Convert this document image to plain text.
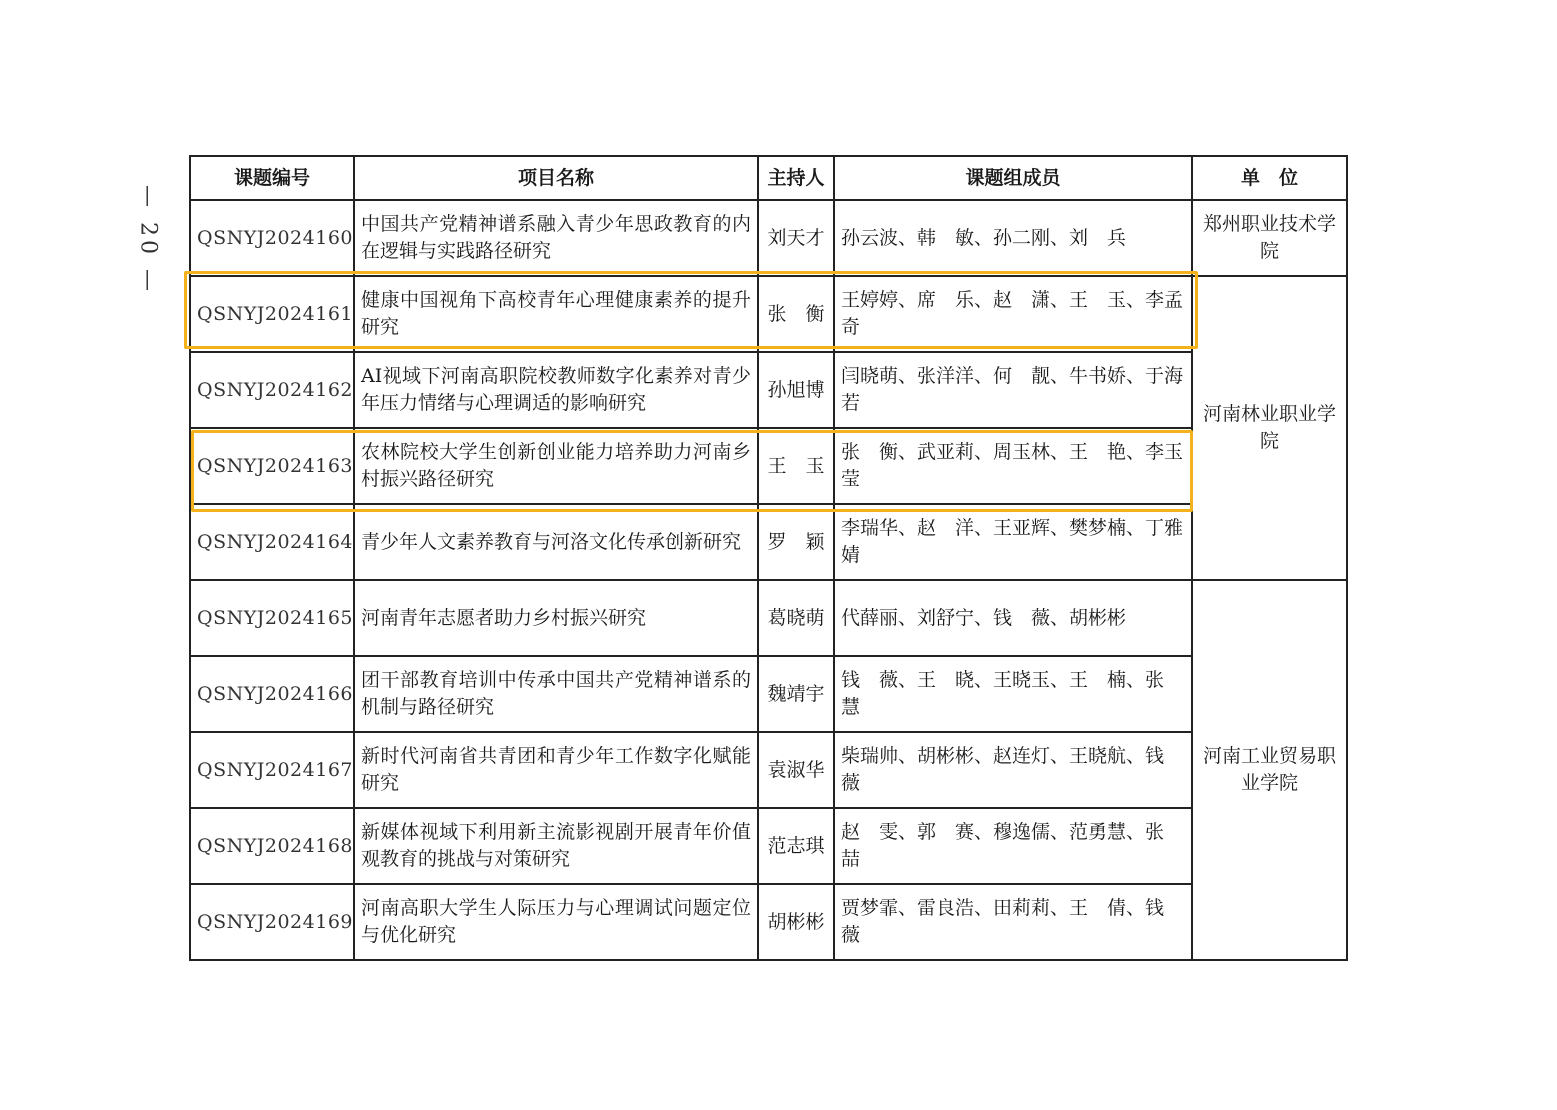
— 20 —
课题编号	项目名称	主持人	课题组成员	单　位
QSNYJ2024160	中国共产党精神谱系融入青少年思政教育的内在逻辑与实践路径研究	刘天才	孙云波、韩　敏、孙二刚、刘　兵	郑州职业技术学院
QSNYJ2024161	健康中国视角下高校青年心理健康素养的提升研究	张　衡	王婷婷、席　乐、赵　潇、王　玉、李孟奇	河南林业职业学院
QSNYJ2024162	AI视域下河南高职院校教师数字化素养对青少年压力情绪与心理调适的影响研究	孙旭博	闫晓萌、张洋洋、何　靓、牛书娇、于海若	
QSNYJ2024163	农林院校大学生创新创业能力培养助力河南乡村振兴路径研究	王　玉	张　衡、武亚莉、周玉林、王　艳、李玉莹	
QSNYJ2024164	青少年人文素养教育与河洛文化传承创新研究	罗　颖	李瑞华、赵　洋、王亚辉、樊梦楠、丁雅婧	
QSNYJ2024165	河南青年志愿者助力乡村振兴研究	葛晓萌	代薛丽、刘舒宁、钱　薇、胡彬彬	河南工业贸易职业学院
QSNYJ2024166	团干部教育培训中传承中国共产党精神谱系的机制与路径研究	魏靖宇	钱　薇、王　晓、王晓玉、王　楠、张　慧	
QSNYJ2024167	新时代河南省共青团和青少年工作数字化赋能研究	袁淑华	柴瑞帅、胡彬彬、赵连灯、王晓航、钱　薇	
QSNYJ2024168	新媒体视域下利用新主流影视剧开展青年价值观教育的挑战与对策研究	范志琪	赵　雯、郭　赛、穆逸儒、范勇慧、张　喆	
QSNYJ2024169	河南高职大学生人际压力与心理调试问题定位与优化研究	胡彬彬	贾梦霏、雷良浩、田莉莉、王　倩、钱　薇	
